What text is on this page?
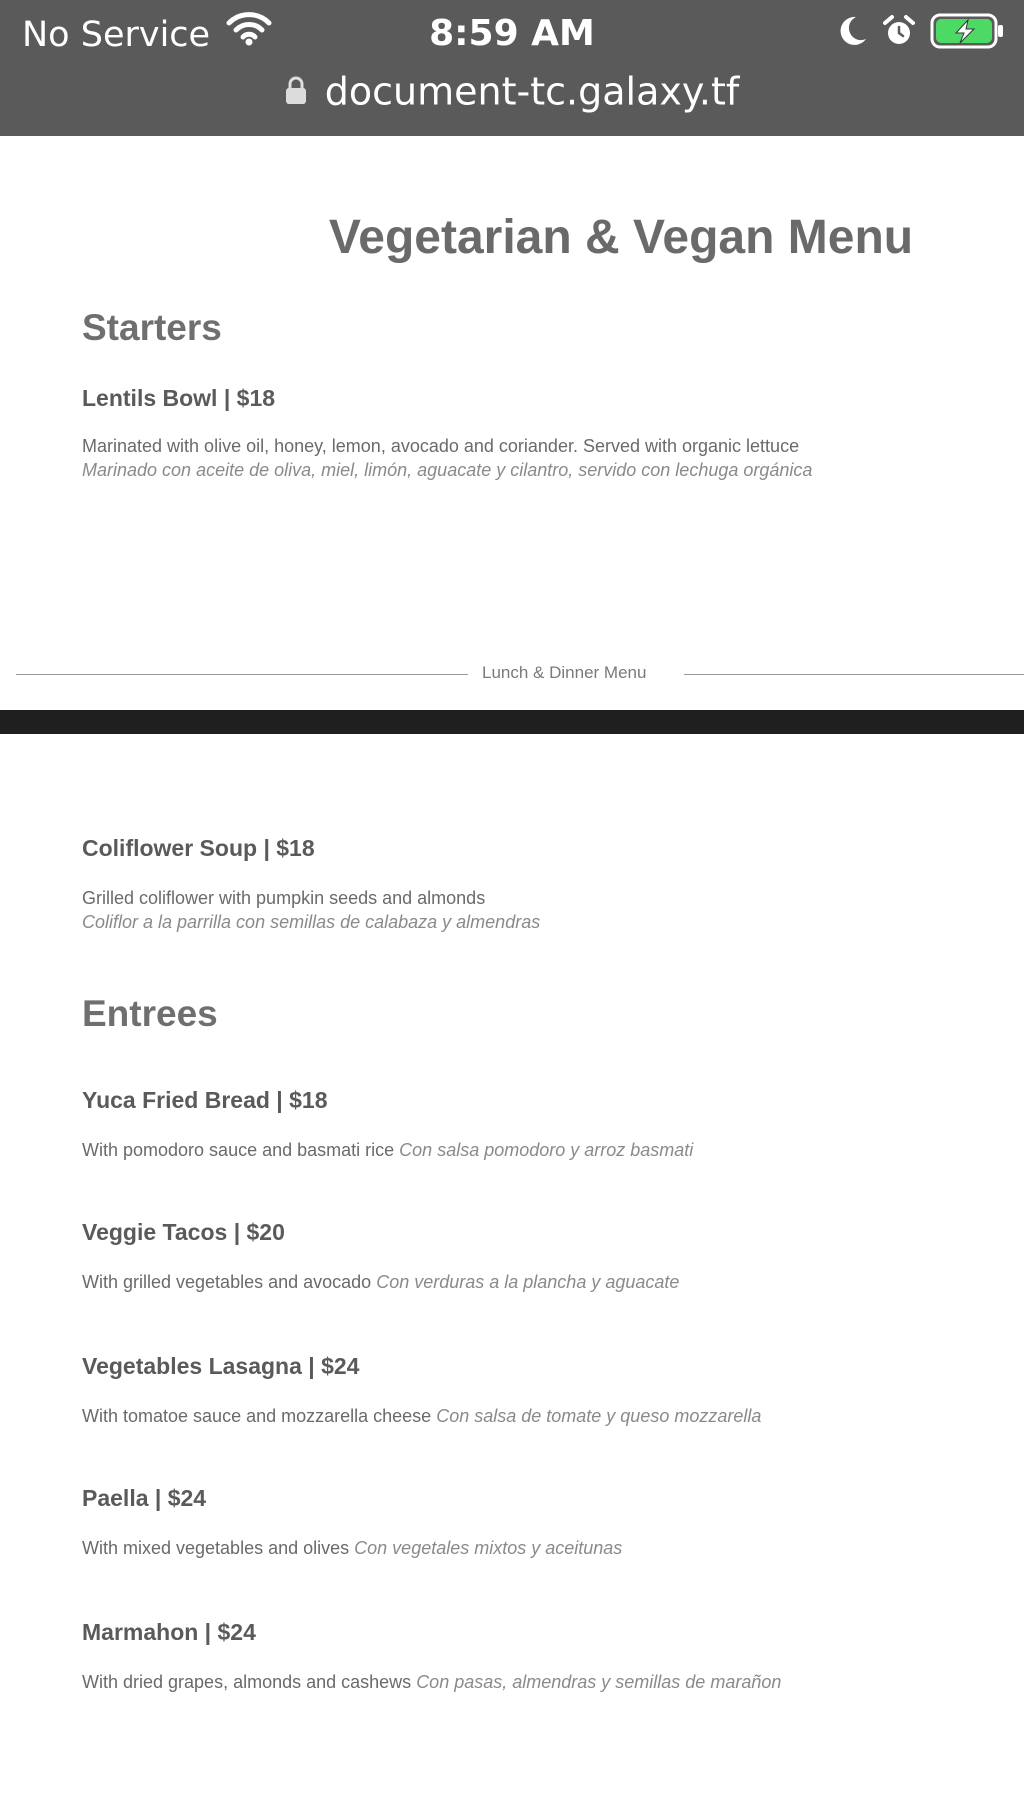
No Service	8:59 AM
document-tc.galaxy.tf
Vegetarian & Vegan Menu
Starters
Lentils Bowl | $18
Marinated with olive oil, honey, lemon, avocado and coriander. Served with organic lettuce
Marinado con aceite de oliva, miel, limón, aguacate y cilantro, servido con lechuga orgánica
Lunch & Dinner Menu
Coliflower Soup | $18
Grilled coliflower with pumpkin seeds and almonds
Coliflor a la parrilla con semillas de calabaza y almendras
Entrees
Yuca Fried Bread | $18
With pomodoro sauce and basmati rice Con salsa pomodoro y arroz basmati
Veggie Tacos | $20
With grilled vegetables and avocado Con verduras a la plancha y aguacate
Vegetables Lasagna | $24
With tomatoe sauce and mozzarella cheese Con salsa de tomate y queso mozzarella
Paella | $24
With mixed vegetables and olives Con vegetales mixtos y aceitunas
Marmahon | $24
With dried grapes, almonds and cashews Con pasas, almendras y semillas de marañon
